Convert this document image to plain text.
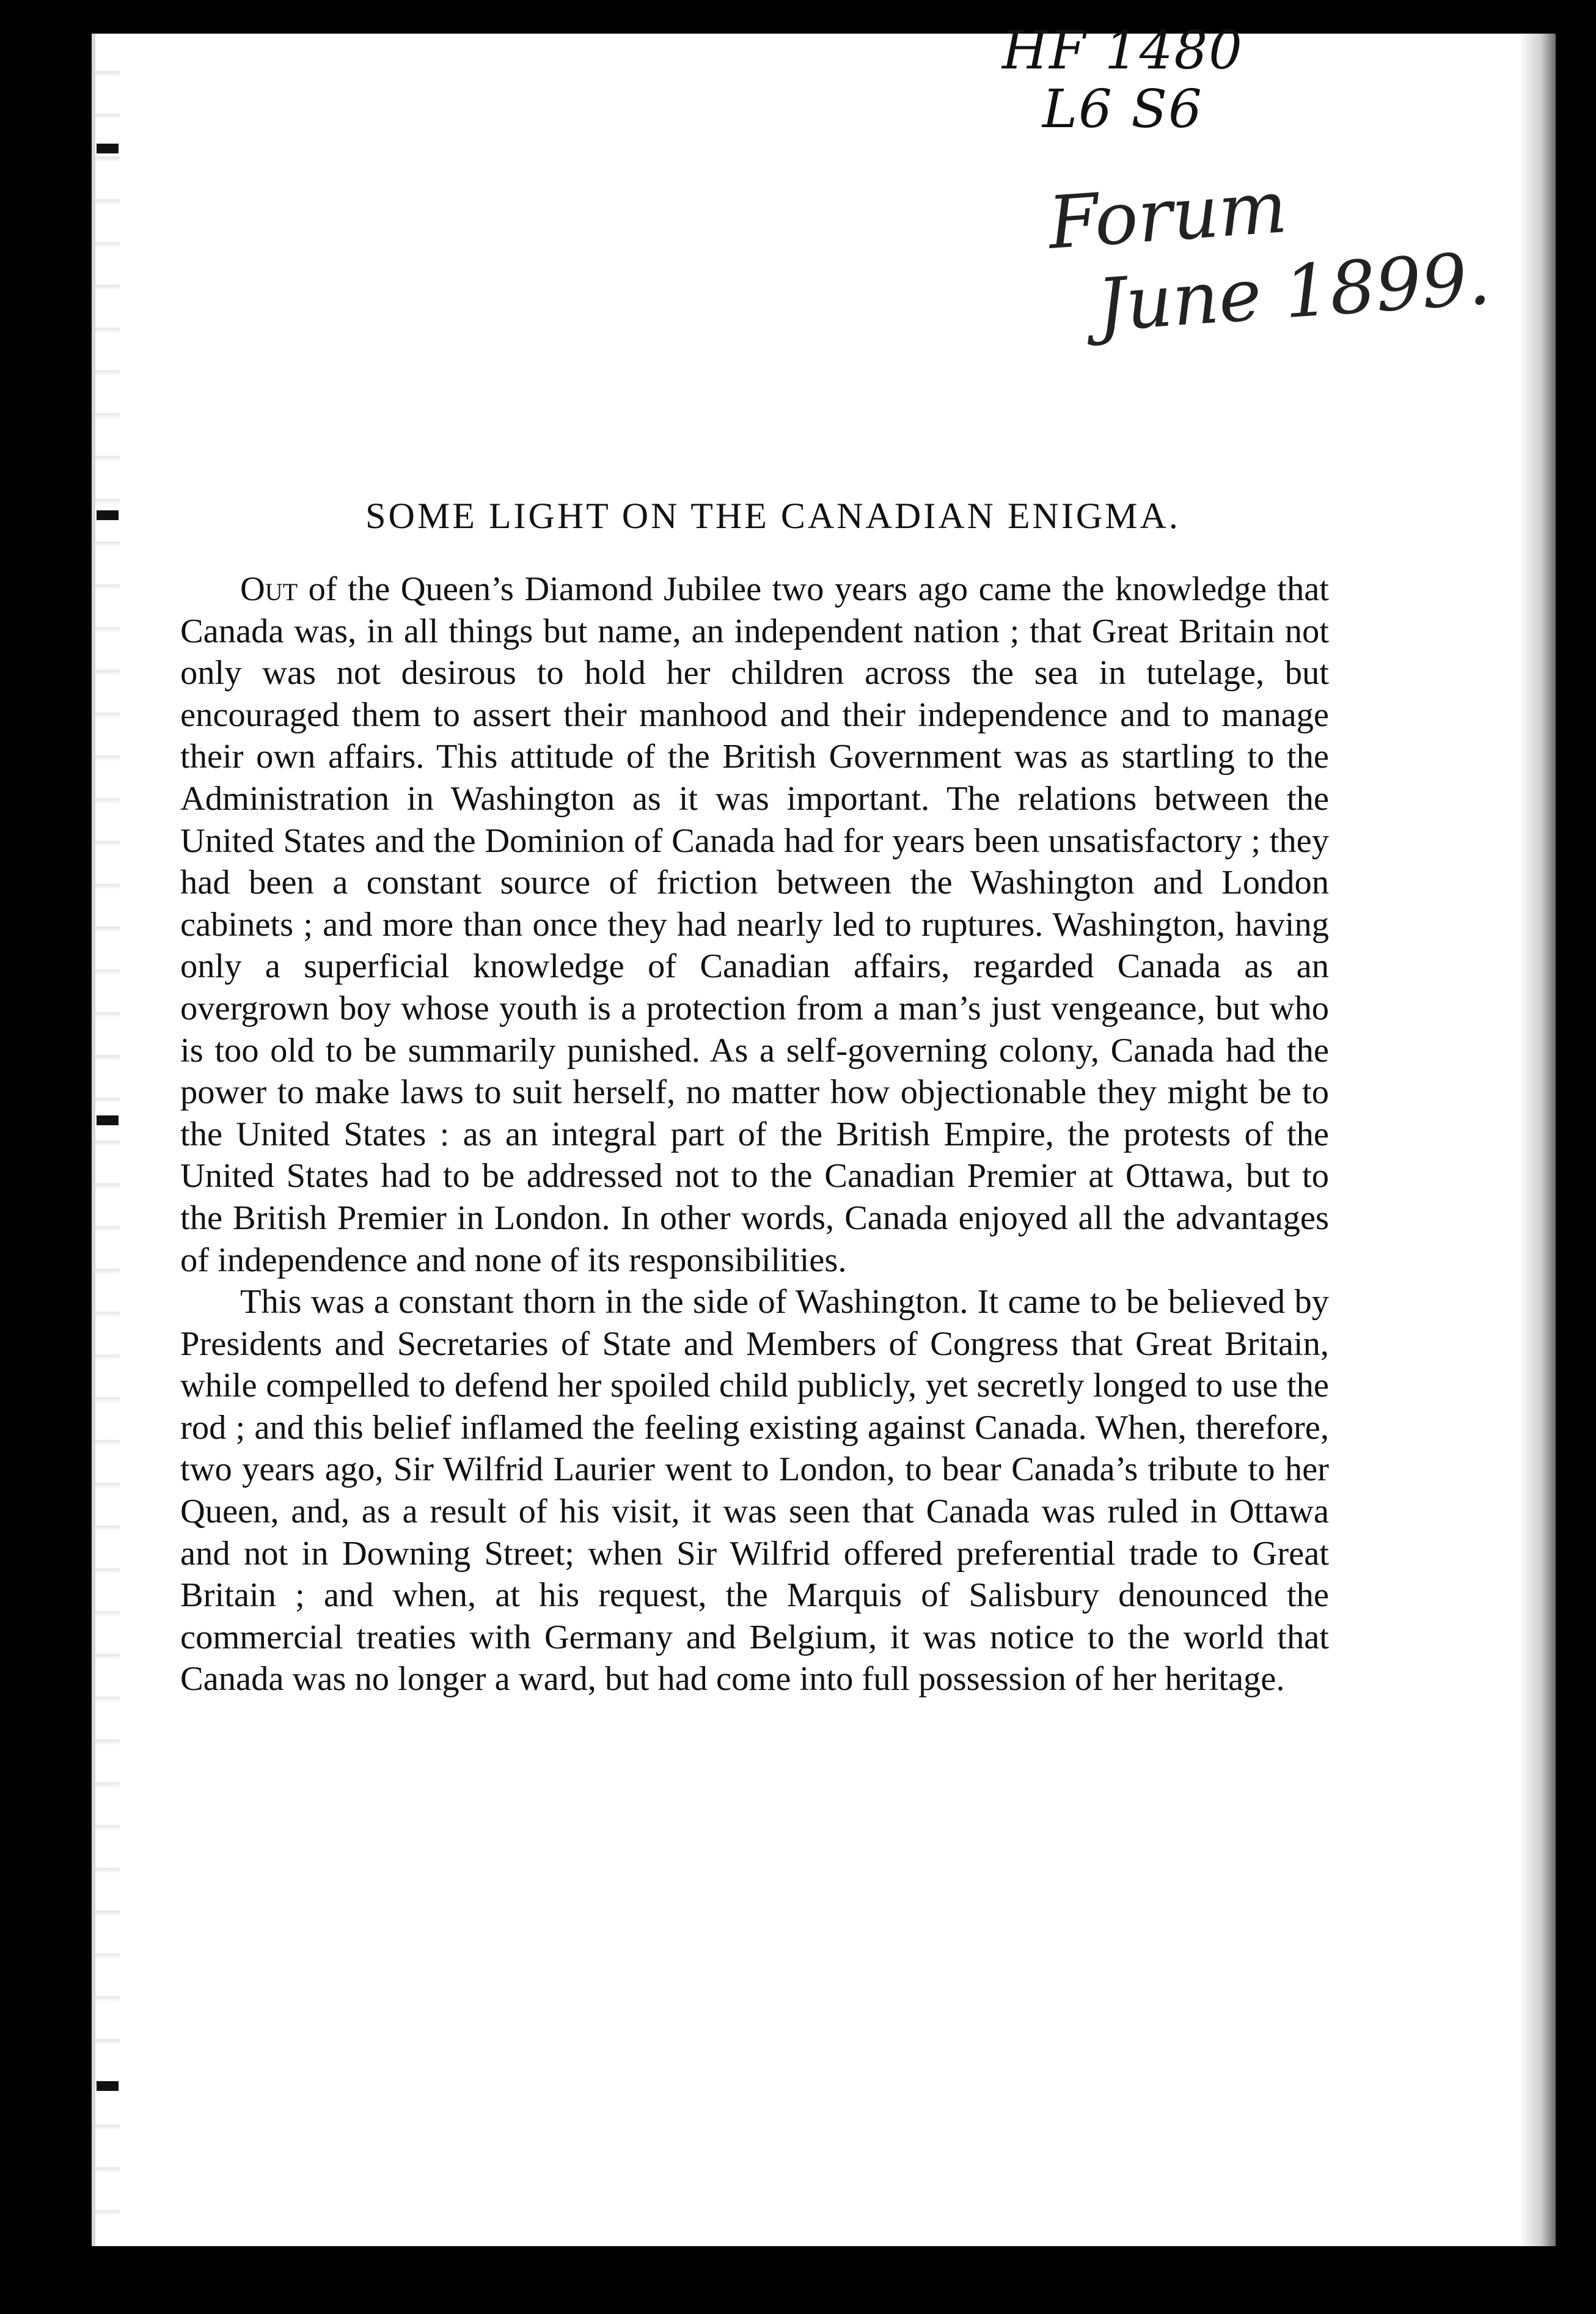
HF 1480
L6 S6
Forum
June 1899.
SOME LIGHT ON THE CANADIAN ENIGMA.

Out of the Queen’s Diamond Jubilee two years ago came the knowledge that Canada was, in all things but name, an independent nation ; that Great Britain not only was not desirous to hold her children across the sea in tutelage, but encouraged them to assert their manhood and their independence and to manage their own affairs. This attitude of the British Government was as startling to the Administration in Washington as it was important. The relations between the United States and the Dominion of Canada had for years been unsatisfactory ; they had been a constant source of friction between the Washington and London cabinets ; and more than once they had nearly led to ruptures. Washington, having only a superficial knowledge of Canadian affairs, regarded Canada as an overgrown boy whose youth is a protection from a man’s just vengeance, but who is too old to be summarily punished. As a self-governing colony, Canada had the power to make laws to suit herself, no matter how objectionable they might be to the United States : as an integral part of the British Empire, the protests of the United States had to be addressed not to the Canadian Premier at Ottawa, but to the British Premier in London. In other words, Canada enjoyed all the advantages of independence and none of its responsibilities.

This was a constant thorn in the side of Washington. It came to be believed by Presidents and Secretaries of State and Members of Congress that Great Britain, while compelled to defend her spoiled child publicly, yet secretly longed to use the rod ; and this belief inflamed the feeling existing against Canada. When, therefore, two years ago, Sir Wilfrid Laurier went to London, to bear Canada’s tribute to her Queen, and, as a result of his visit, it was seen that Canada was ruled in Ottawa and not in Downing Street; when Sir Wilfrid offered preferential trade to Great Britain ; and when, at his request, the Marquis of Salisbury denounced the commercial treaties with Germany and Belgium, it was notice to the world that Canada was no longer a ward, but had come into full possession of her heritage.
